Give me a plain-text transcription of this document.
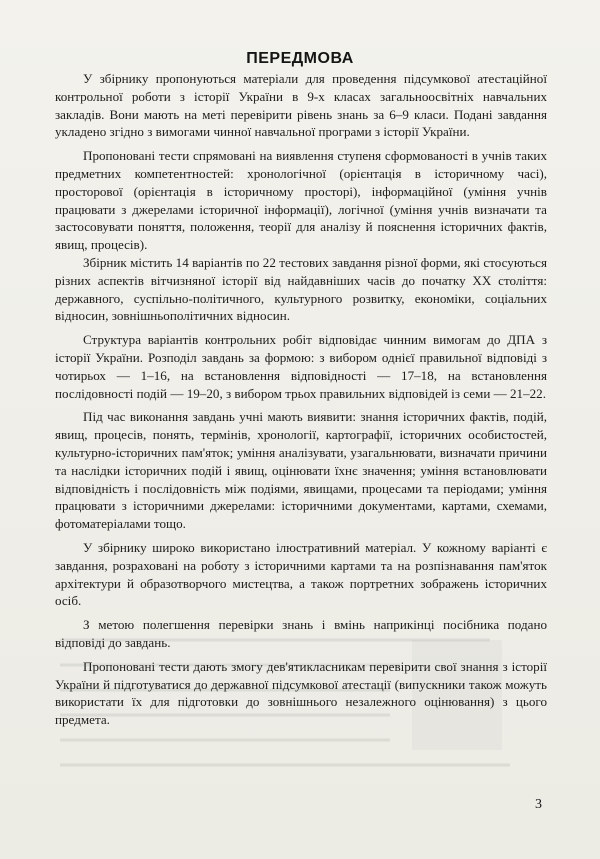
ПЕРЕДМОВА

У збірнику пропонуються матеріали для проведення підсумкової атестаційної контрольної роботи з історії України в 9-х класах загальноосвітніх навчальних закладів. Вони мають на меті перевірити рівень знань за 6–9 класи. Подані завдання укладено згідно з вимогами чинної навчальної програми з історії України.

Пропоновані тести спрямовані на виявлення ступеня сформованості в учнів таких предметних компетентностей: хронологічної (орієнтація в історичному часі), просторової (орієнтація в історичному просторі), інформаційної (уміння учнів працювати з джерелами історичної інформації), логічної (уміння учнів визначати та застосовувати поняття, положення, теорії для аналізу й пояснення історичних фактів, явищ, процесів).

Збірник містить 14 варіантів по 22 тестових завдання різної форми, які стосуються різних аспектів вітчизняної історії від найдавніших часів до початку XX століття: державного, суспільно-політичного, культурного розвитку, економіки, соціальних відносин, зовнішньополітичних відносин.

Структура варіантів контрольних робіт відповідає чинним вимогам до ДПА з історії України. Розподіл завдань за формою: з вибором однієї правильної відповіді з чотирьох — 1–16, на встановлення відповідності — 17–18, на встановлення послідовності подій — 19–20, з вибором трьох правильних відповідей із семи — 21–22.

Під час виконання завдань учні мають виявити: знання історичних фактів, подій, явищ, процесів, понять, термінів, хронології, картографії, історичних особистостей, культурно-історичних пам'яток; уміння аналізувати, узагальнювати, визначати причини та наслідки історичних подій і явищ, оцінювати їхнє значення; уміння встановлювати відповідність і послідовність між подіями, явищами, процесами та періодами; уміння працювати з історичними джерелами: історичними документами, картами, схемами, фотоматеріалами тощо.

У збірнику широко використано ілюстративний матеріал. У кожному варіанті є завдання, розраховані на роботу з історичними картами та на розпізнавання пам'яток архітектури й образотворчого мистецтва, а також портретних зображень історичних осіб.

З метою полегшення перевірки знань і вмінь наприкінці посібника подано відповіді до завдань.

Пропоновані тести дають змогу дев'ятикласникам перевірити свої знання з історії України й підготуватися до державної підсумкової атестації (випускники також можуть використати їх для підготовки до зовнішнього незалежного оцінювання) з цього предмета.

3
